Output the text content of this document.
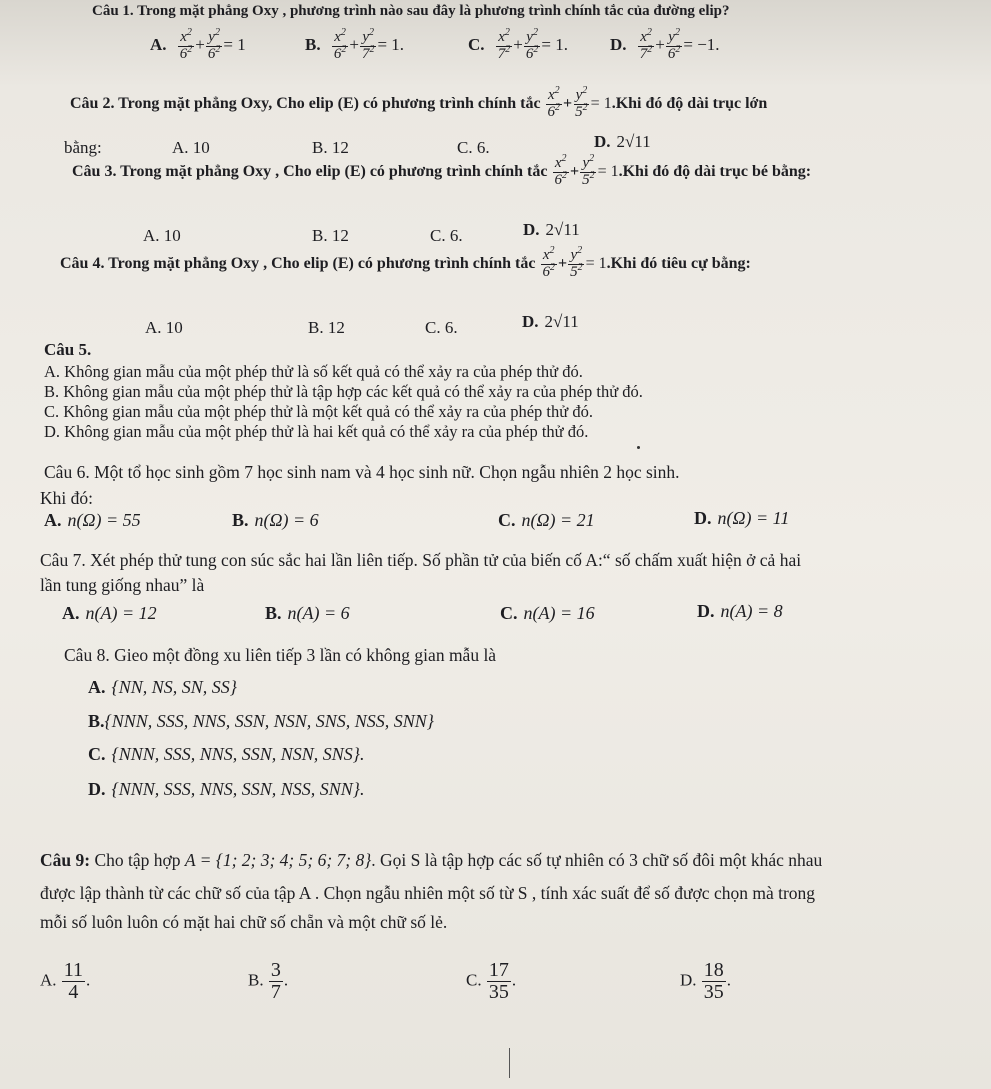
Câu 1. Trong mặt phẳng Oxy , phương trình nào sau đây là phương trình chính tắc của đường elip?
A. $\frac{x^2}{6^2} + \frac{y^2}{6^2} = 1$	B. $\frac{x^2}{6^2} + \frac{y^2}{7^2} = 1$.	C. $\frac{x^2}{7^2} + \frac{y^2}{6^2} = 1$. D. $\frac{x^2}{7^2} + \frac{y^2}{6^2} = -1$.
Câu 2. Trong mặt phẳng Oxy, Cho elip (E) có phương trình chính tắc $\frac{x^2}{6^2} + \frac{y^2}{5^2} = 1.Khi$ đó độ dài trục lớn
bằng:	A. 10	B. 12	C. 6.	D. 2√11
Câu 3. Trong mặt phẳng Oxy , Cho elip (E) có phương trình chính tắc $\frac{x^2}{6^2} + \frac{y^2}{5^2} = 1.Khi$ đó độ dài trục bé bằng:
A. 10	B. 12	C. 6.	D. 2√11
Câu 4. Trong mặt phẳng Oxy , Cho elip (E) có phương trình chính tắc $\frac{x^2}{6^2} + \frac{y^2}{5^2} = 1.Khi$ đó tiêu cự bằng:
A. 10	B. 12	C. 6.	D. 2√11
Câu 5.
A. Không gian mẫu của một phép thử là số kết quả có thể xảy ra của phép thử đó.
B. Không gian mẫu của một phép thử là tập hợp các kết quả có thể xảy ra của phép thử đó.
C. Không gian mẫu của một phép thử là một kết quả có thể xảy ra của phép thử đó.
D. Không gian mẫu của một phép thử là hai kết quả có thể xảy ra của phép thử đó.
Câu 6. Một tổ học sinh gồm 7 học sinh nam và 4 học sinh nữ. Chọn ngẫu nhiên 2 học sinh.
Khi đó:
A. n(Ω) = 55	B. n(Ω) = 6	C. n(Ω) = 21	D. n(Ω) = 11
Câu 7. Xét phép thử tung con súc sắc hai lần liên tiếp. Số phần tử của biến cố A:“ số chấm xuất hiện ở cả hai
lần tung giống nhau” là
A. n(A) = 12	B. n(A) = 6	C. n(A) = 16	D. n(A) = 8
Câu 8. Gieo một đồng xu liên tiếp 3 lần có không gian mẫu là
A. {NN, NS, SN, SS}
B.{NNN, SSS, NNS, SSN, NSN, SNS, NSS, SNN}
C. {NNN, SSS, NNS, SSN, NSN, SNS}.
D. {NNN, SSS, NNS, SSN, NSS, SNN}.
Câu 9: Cho tập hợp A = {1; 2; 3; 4; 5; 6; 7; 8}. Gọi S là tập hợp các số tự nhiên có 3 chữ số đôi một khác nhau
được lập thành từ các chữ số của tập A . Chọn ngẫu nhiên một số từ S , tính xác suất để số được chọn mà trong
mỗi số luôn luôn có mặt hai chữ số chẵn và một chữ số lẻ.
A. $\frac{11}{4}$ .	B. $\frac{3}{7}$ .	C. $\frac{17}{35}$ .	D. $\frac{18}{35}$ .
